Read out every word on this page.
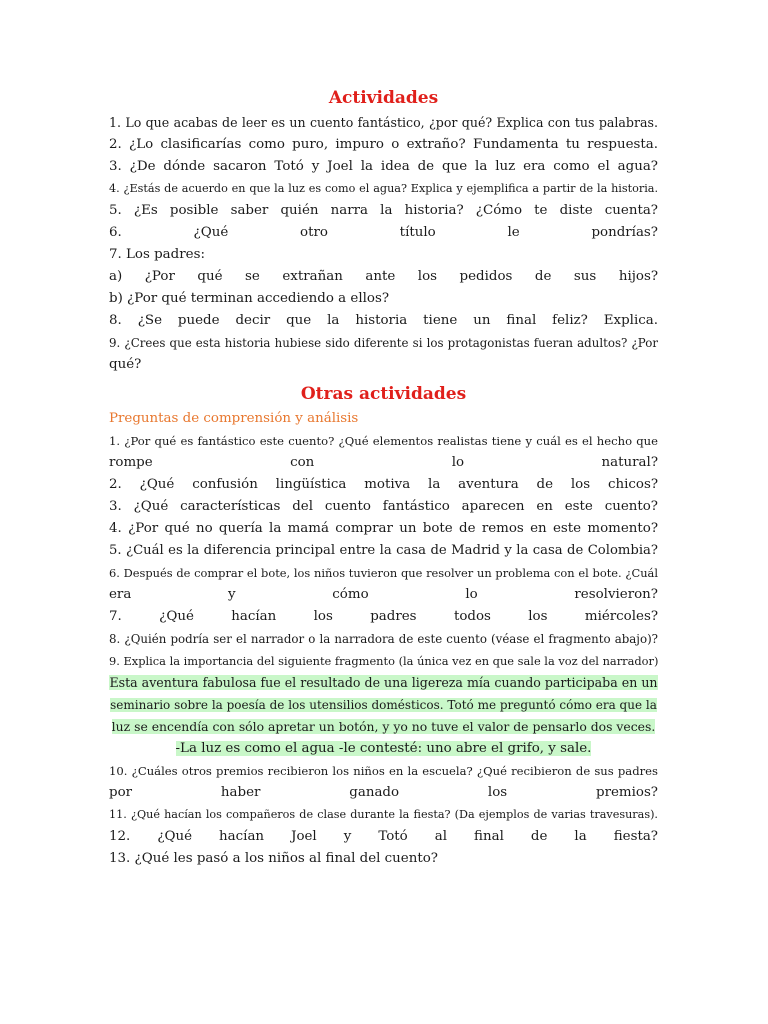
Actividades

1. Lo que acabas de leer es un cuento fantástico, ¿por qué? Explica con tus palabras.

2. ¿Lo clasificarías como puro, impuro o extraño? Fundamenta tu respuesta.

3. ¿De dónde sacaron Totó y Joel la idea de que la luz era como el agua?

4. ¿Estás de acuerdo en que la luz es como el agua? Explica y ejemplifica a partir de la historia.

5. ¿Es posible saber quién narra la historia? ¿Cómo te diste cuenta?

6. ¿Qué otro título le pondrías?

7. Los padres:

a) ¿Por qué se extrañan ante los pedidos de sus hijos?

b) ¿Por qué terminan accediendo a ellos?

8. ¿Se puede decir que la historia tiene un final feliz? Explica.

9. ¿Crees que esta historia hubiese sido diferente si los protagonistas fueran adultos? ¿Por

qué?

Otras actividades

Preguntas de comprensión y análisis

1. ¿Por qué es fantástico este cuento? ¿Qué elementos realistas tiene y cuál es el hecho que

rompe con lo natural?

2. ¿Qué confusión lingüística motiva la aventura de los chicos?

3. ¿Qué características del cuento fantástico aparecen en este cuento?

4. ¿Por qué no quería la mamá comprar un bote de remos en este momento?

5. ¿Cuál es la diferencia principal entre la casa de Madrid y la casa de Colombia?

6. Después de comprar el bote, los niños tuvieron que resolver un problema con el bote. ¿Cuál

era y cómo lo resolvieron?

7. ¿Qué hacían los padres todos los miércoles?

8. ¿Quién podría ser el narrador o la narradora de este cuento (véase el fragmento abajo)?

9. Explica la importancia del siguiente fragmento (la única vez en que sale la voz del narrador)

Esta aventura fabulosa fue el resultado de una ligereza mía cuando participaba en un

seminario sobre la poesía de los utensilios domésticos. Totó me preguntó cómo era que la

luz se encendía con sólo apretar un botón, y yo no tuve el valor de pensarlo dos veces.

-La luz es como el agua -le contesté: uno abre el grifo, y sale.

10. ¿Cuáles otros premios recibieron los niños en la escuela? ¿Qué recibieron de sus padres

por haber ganado los premios?

11. ¿Qué hacían los compañeros de clase durante la fiesta? (Da ejemplos de varias travesuras).

12. ¿Qué hacían Joel y Totó al final de la fiesta?

13. ¿Qué les pasó a los niños al final del cuento?
